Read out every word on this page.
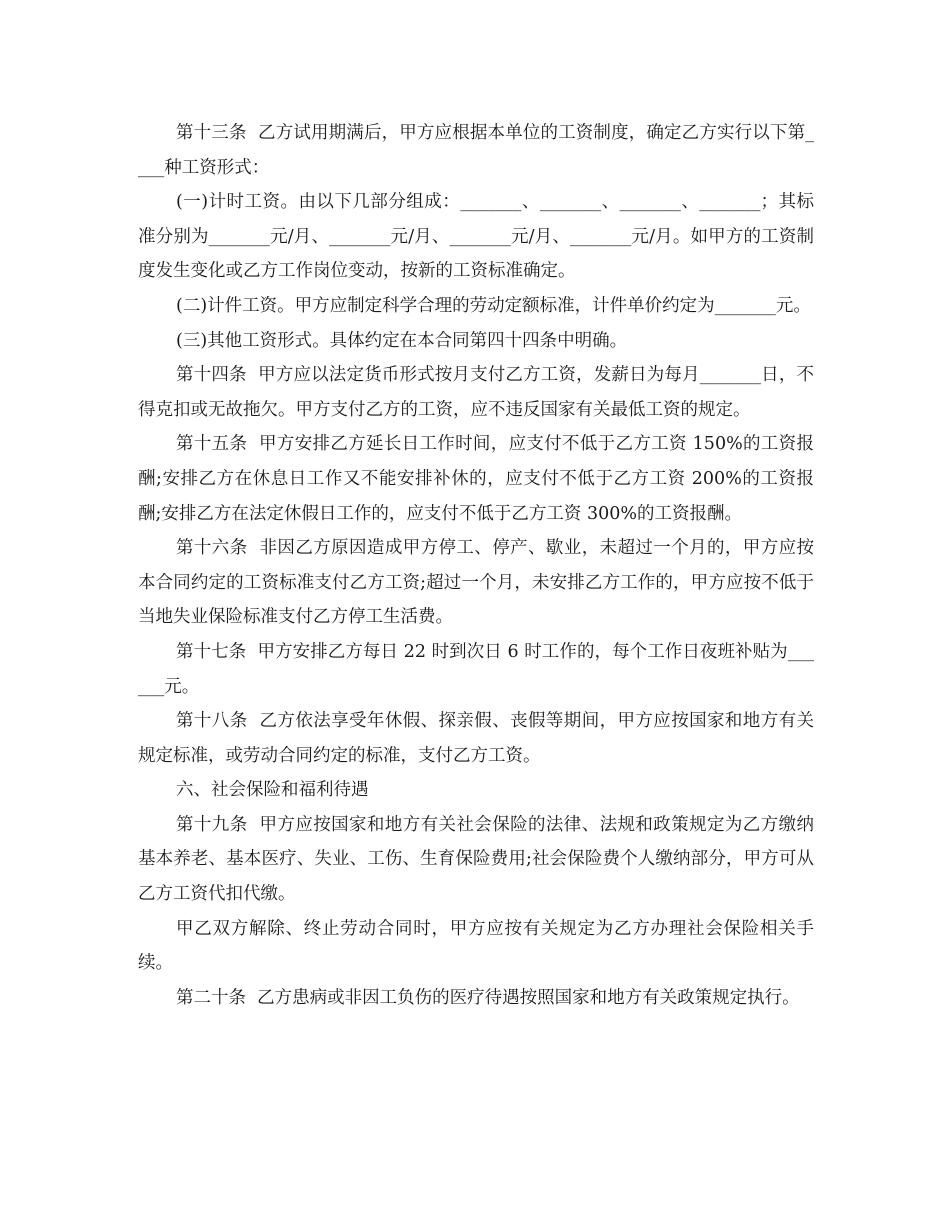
第十三条  乙方试用期满后，甲方应根据本单位的工资制度，确定乙方实行以下第____种工资形式：

(一)计时工资。由以下几部分组成：_______、_______、_______、_______；其标准分别为_______元/月、_______元/月、_______元/月、_______元/月。如甲方的工资制度发生变化或乙方工作岗位变动，按新的工资标准确定。

(二)计件工资。甲方应制定科学合理的劳动定额标准，计件单价约定为_______元。

(三)其他工资形式。具体约定在本合同第四十四条中明确。

第十四条  甲方应以法定货币形式按月支付乙方工资，发薪日为每月_______日，不得克扣或无故拖欠。甲方支付乙方的工资，应不违反国家有关最低工资的规定。

第十五条  甲方安排乙方延长日工作时间，应支付不低于乙方工资 150%的工资报酬;安排乙方在休息日工作又不能安排补休的，应支付不低于乙方工资 200%的工资报酬;安排乙方在法定休假日工作的，应支付不低于乙方工资 300%的工资报酬。

第十六条  非因乙方原因造成甲方停工、停产、歇业，未超过一个月的，甲方应按本合同约定的工资标准支付乙方工资;超过一个月，未安排乙方工作的，甲方应按不低于当地失业保险标准支付乙方停工生活费。

第十七条  甲方安排乙方每日 22 时到次日 6 时工作的，每个工作日夜班补贴为______元。

第十八条  乙方依法享受年休假、探亲假、丧假等期间，甲方应按国家和地方有关规定标准，或劳动合同约定的标准，支付乙方工资。

六、社会保险和福利待遇

第十九条  甲方应按国家和地方有关社会保险的法律、法规和政策规定为乙方缴纳基本养老、基本医疗、失业、工伤、生育保险费用;社会保险费个人缴纳部分，甲方可从乙方工资代扣代缴。

甲乙双方解除、终止劳动合同时，甲方应按有关规定为乙方办理社会保险相关手续。

第二十条  乙方患病或非因工负伤的医疗待遇按照国家和地方有关政策规定执行。
